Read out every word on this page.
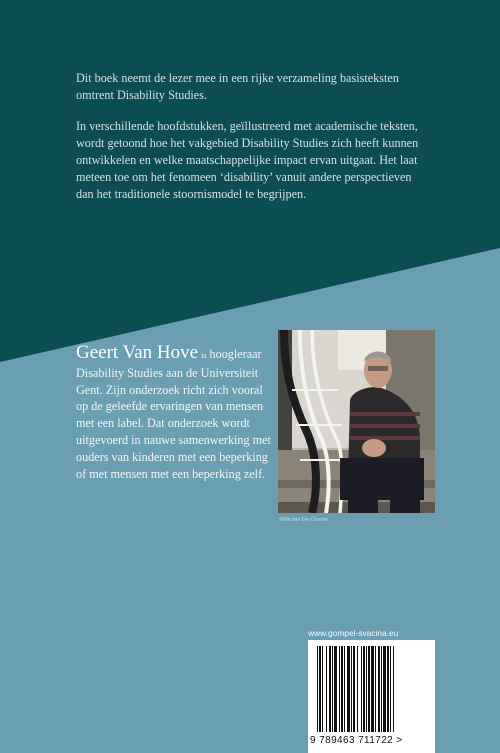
Dit boek neemt de lezer mee in een rijke verzameling basisteksten omtrent Disability Studies.

In verschillende hoofdstukken, geïllustreerd met academische teksten, wordt getoond hoe het vakgebied Disability Studies zich heeft kunnen ontwikkelen en welke maatschappelijke impact ervan uitgaat. Het laat meteen toe om het fenomeen ‘disability’ vanuit andere perspectieven dan het traditionele stoornismodel te begrijpen.

Geert Van Hove is hoogleraar Disability Studies aan de Universiteit Gent. Zijn onderzoek richt zich vooral op de geleefde ervaringen van mensen met een label. Dat onderzoek wordt uitgevoerd in nauwe samenwerking met ouders van kinderen met een beperking of met mensen met een beperking zelf.
©Michiel De Cleene
www.gompel-svacina.eu
9 789463 711722 >
